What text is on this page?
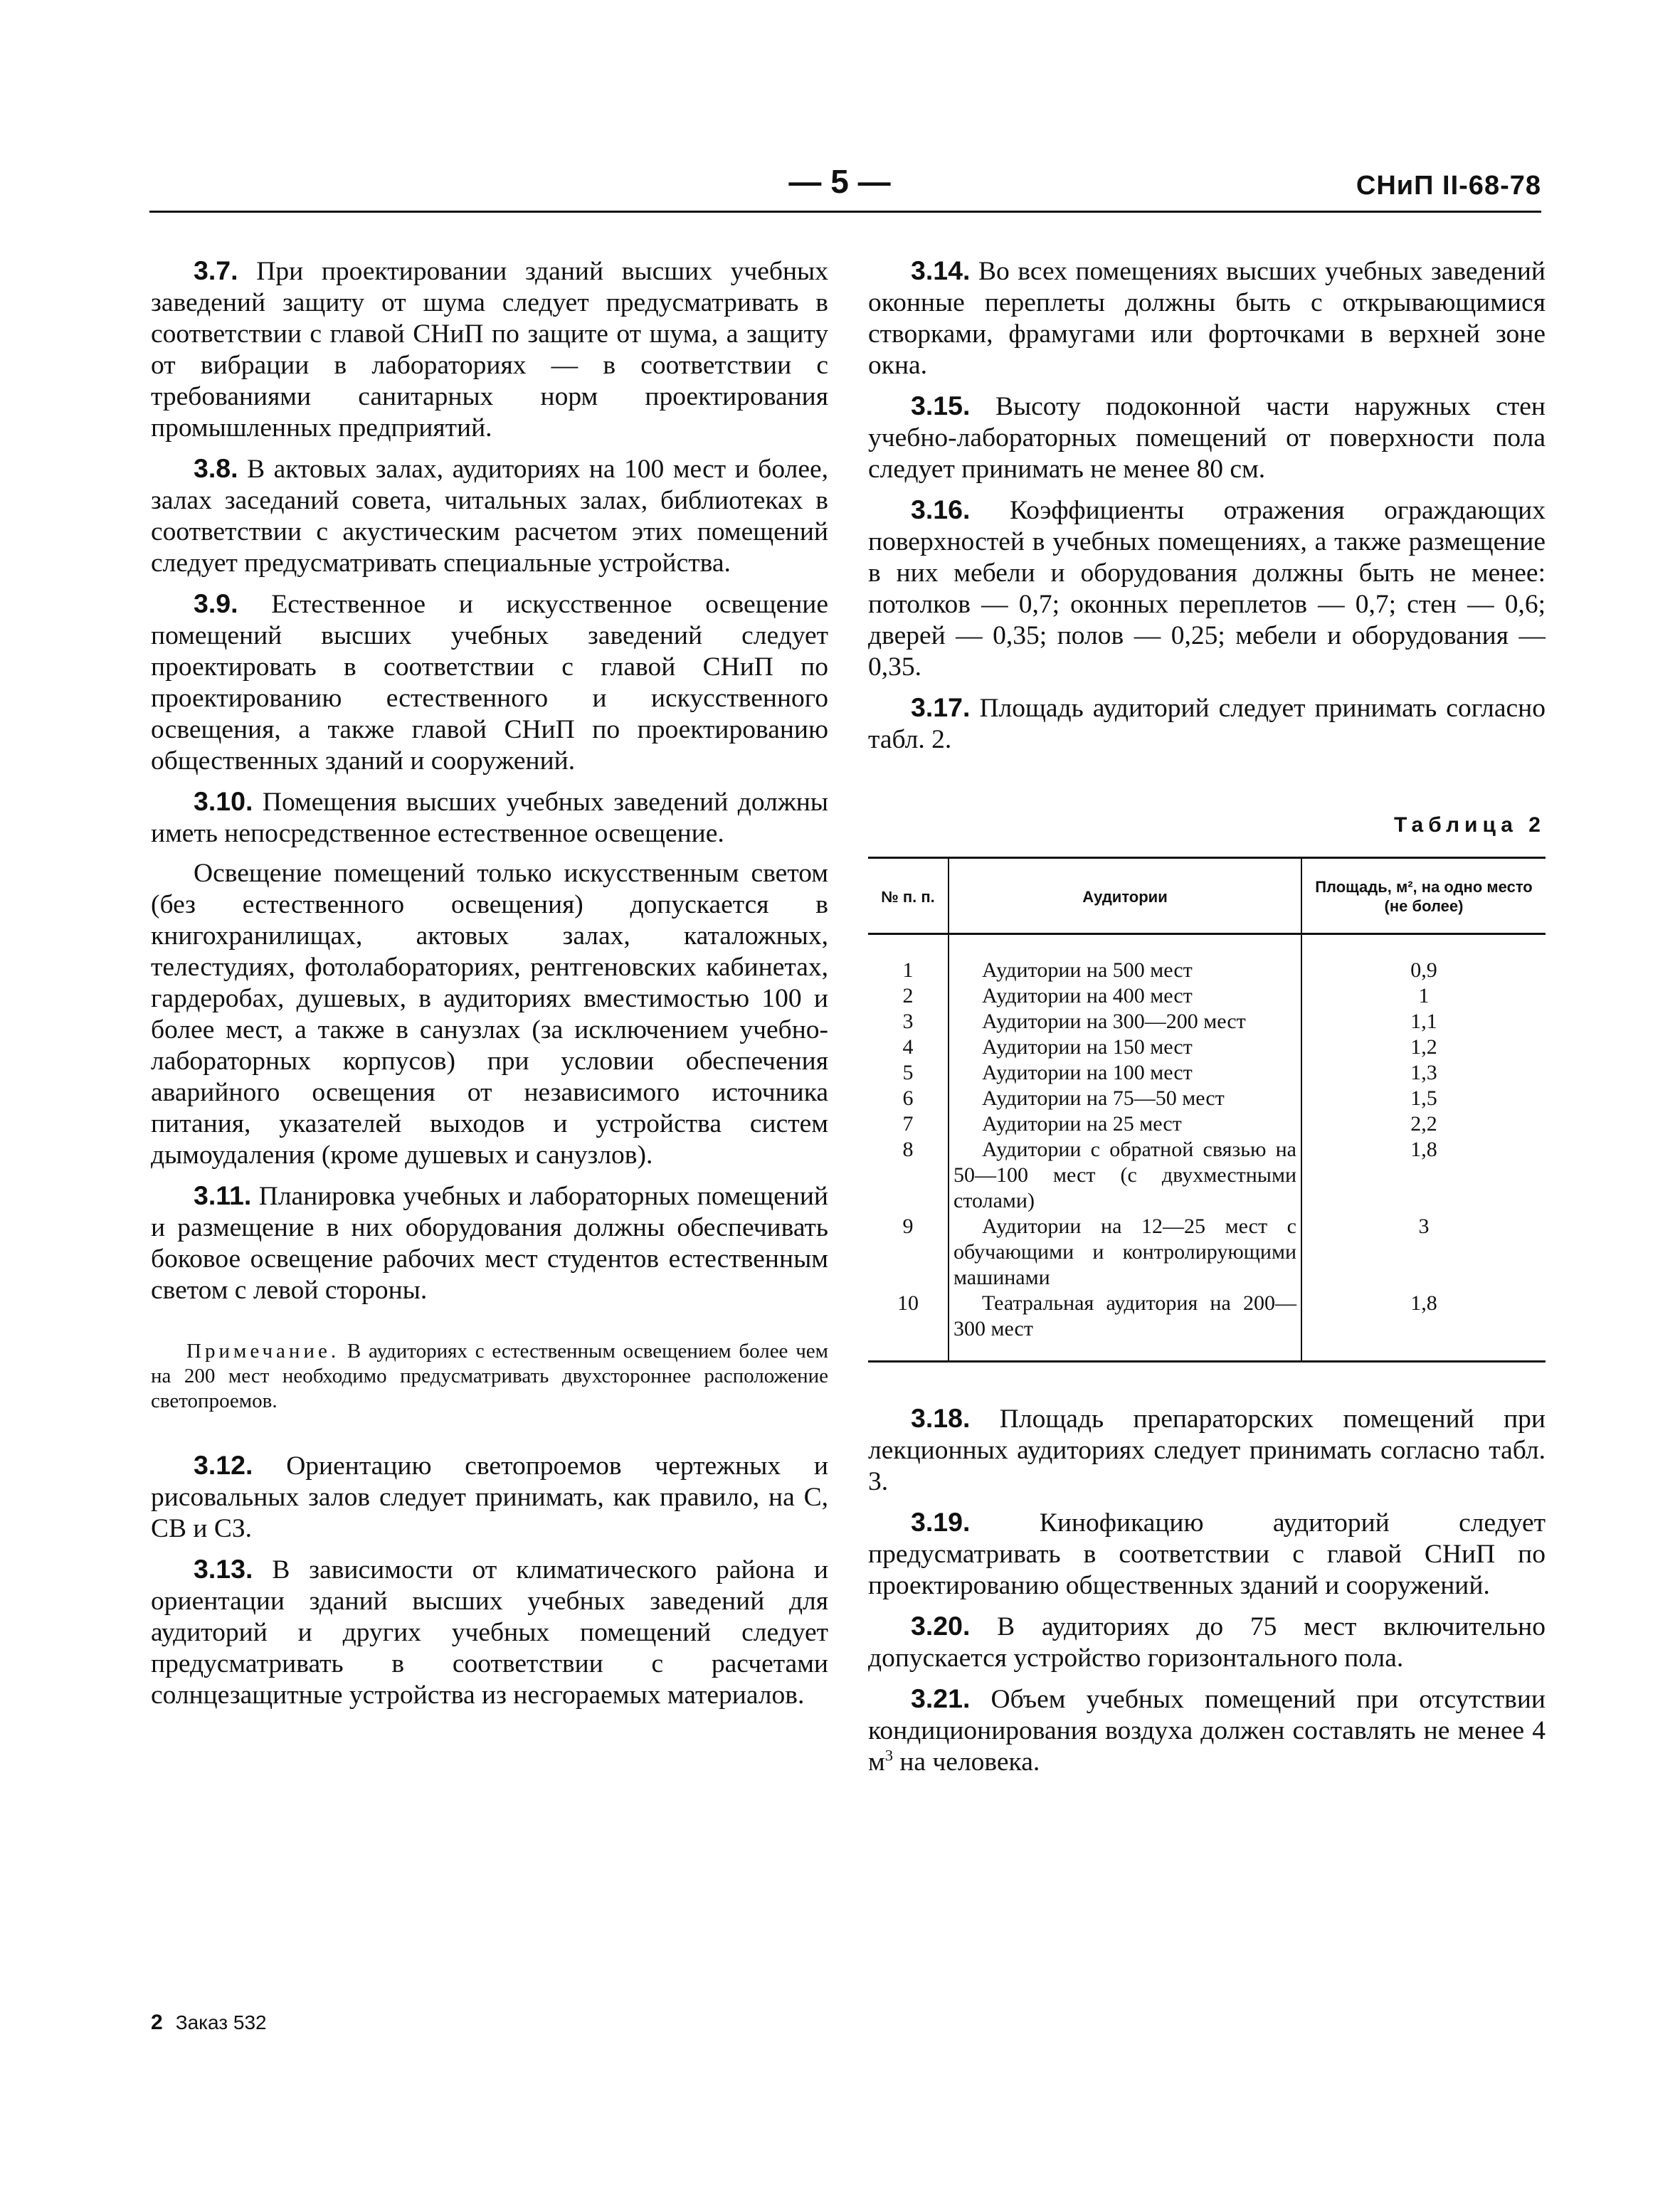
— 5 —	СНиП II-68-78

3.7. При проектировании зданий высших учебных заведений защиту от шума следует предусматривать в соответствии с главой СНиП по защите от шума, а защиту от вибрации в лабораториях — в соответствии с требованиями санитарных норм проектирования промышленных предприятий.

3.8. В актовых залах, аудиториях на 100 мест и более, залах заседаний совета, читальных залах, библиотеках в соответствии с акустическим расчетом этих помещений следует предусматривать специальные устройства.

3.9. Естественное и искусственное освещение помещений высших учебных заведений следует проектировать в соответствии с главой СНиП по проектированию естественного и искусственного освещения, а также главой СНиП по проектированию общественных зданий и сооружений.

3.10. Помещения высших учебных заведений должны иметь непосредственное естественное освещение.

Освещение помещений только искусственным светом (без естественного освещения) допускается в книгохранилищах, актовых залах, каталожных, телестудиях, фотолабораториях, рентгеновских кабинетах, гардеробах, душевых, в аудиториях вместимостью 100 и более мест, а также в санузлах (за исключением учебно-лабораторных корпусов) при условии обеспечения аварийного освещения от независимого источника питания, указателей выходов и устройства систем дымоудаления (кроме душевых и санузлов).

3.11. Планировка учебных и лабораторных помещений и размещение в них оборудования должны обеспечивать боковое освещение рабочих мест студентов естественным светом с левой стороны.

Примечание. В аудиториях с естественным освещением более чем на 200 мест необходимо предусматривать двухстороннее расположение светопроемов.

3.12. Ориентацию светопроемов чертежных и рисовальных залов следует принимать, как правило, на С, СВ и СЗ.

3.13. В зависимости от климатического района и ориентации зданий высших учебных заведений для аудиторий и других учебных помещений следует предусматривать в соответствии с расчетами солнцезащитные устройства из несгораемых материалов.

3.14. Во всех помещениях высших учебных заведений оконные переплеты должны быть с открывающимися створками, фрамугами или форточками в верхней зоне окна.

3.15. Высоту подоконной части наружных стен учебно-лабораторных помещений от поверхности пола следует принимать не менее 80 см.

3.16. Коэффициенты отражения ограждающих поверхностей в учебных помещениях, а также размещение в них мебели и оборудования должны быть не менее: потолков — 0,7; оконных переплетов — 0,7; стен — 0,6; дверей — 0,35; полов — 0,25; мебели и оборудования — 0,35.

3.17. Площадь аудиторий следует принимать согласно табл. 2.

Таблица 2
№ п. п.	Аудитории	Площадь, м², на одно место (не более)
1	Аудитории на 500 мест	0,9
2	Аудитории на 400 мест	1
3	Аудитории на 300—200 мест	1,1
4	Аудитории на 150 мест	1,2
5	Аудитории на 100 мест	1,3
6	Аудитории на 75—50 мест	1,5
7	Аудитории на 25 мест	2,2
8	Аудитории с обратной связью на 50—100 мест (с двухместными столами)	1,8
9	Аудитории на 12—25 мест с обучающими и контролирующими машинами	3
10	Театральная аудитория на 200—300 мест	1,8

3.18. Площадь препараторских помещений при лекционных аудиториях следует принимать согласно табл. 3.

3.19. Кинофикацию аудиторий следует предусматривать в соответствии с главой СНиП по проектированию общественных зданий и сооружений.

3.20. В аудиториях до 75 мест включительно допускается устройство горизонтального пола.

3.21. Объем учебных помещений при отсутствии кондиционирования воздуха должен составлять не менее 4 $м^3$ на человека.

2 Заказ 532
